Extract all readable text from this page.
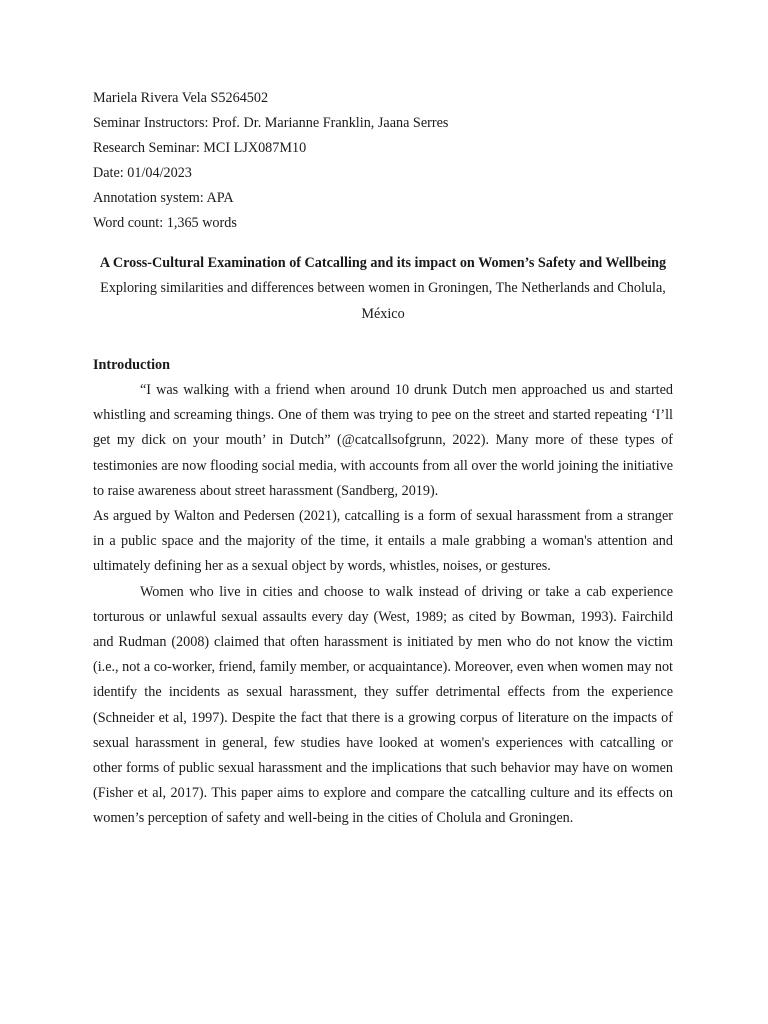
Mariela Rivera Vela S5264502
Seminar Instructors: Prof. Dr. Marianne Franklin, Jaana Serres
Research Seminar: MCI LJX087M10
Date: 01/04/2023
Annotation system: APA
Word count: 1,365 words

A Cross-Cultural Examination of Catcalling and its impact on Women’s Safety and Wellbeing

Exploring similarities and differences between women in Groningen, The Netherlands and Cholula, México

Introduction

“I was walking with a friend when around 10 drunk Dutch men approached us and started whistling and screaming things. One of them was trying to pee on the street and started repeating ‘I’ll get my dick on your mouth’ in Dutch” (@catcallsofgrunn, 2022). Many more of these types of testimonies are now flooding social media, with accounts from all over the world joining the initiative to raise awareness about street harassment (Sandberg, 2019).

As argued by Walton and Pedersen (2021), catcalling is a form of sexual harassment from a stranger in a public space and the majority of the time, it entails a male grabbing a woman's attention and ultimately defining her as a sexual object by words, whistles, noises, or gestures.

Women who live in cities and choose to walk instead of driving or take a cab experience torturous or unlawful sexual assaults every day (West, 1989; as cited by Bowman, 1993). Fairchild and Rudman (2008) claimed that often harassment is initiated by men who do not know the victim (i.e., not a co-worker, friend, family member, or acquaintance). Moreover, even when women may not identify the incidents as sexual harassment, they suffer detrimental effects from the experience (Schneider et al, 1997). Despite the fact that there is a growing corpus of literature on the impacts of sexual harassment in general, few studies have looked at women's experiences with catcalling or other forms of public sexual harassment and the implications that such behavior may have on women (Fisher et al, 2017). This paper aims to explore and compare the catcalling culture and its effects on women’s perception of safety and well-being in the cities of Cholula and Groningen.
